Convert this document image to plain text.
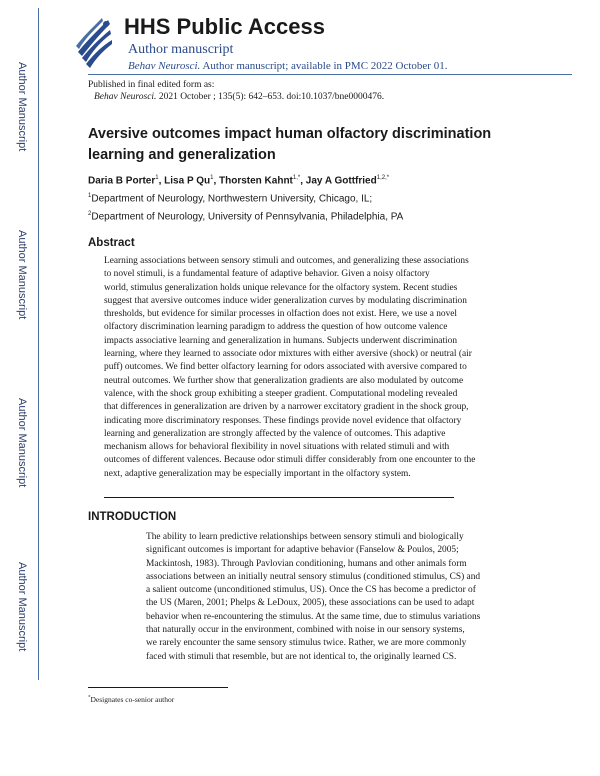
Author Manuscript
Author Manuscript
Author Manuscript
Author Manuscript
HHS Public Access
Author manuscript
Behav Neurosci. Author manuscript; available in PMC 2022 October 01.
Published in final edited form as:
Behav Neurosci. 2021 October ; 135(5): 642–653. doi:10.1037/bne0000476.
Aversive outcomes impact human olfactory discrimination learning and generalization
Daria B Porter$^1$, Lisa P Qu$^1$, Thorsten Kahnt$^{1,*}$, Jay A Gottfried$^{1,2,*}$
$^1$Department of Neurology, Northwestern University, Chicago, IL;
$^2$Department of Neurology, University of Pennsylvania, Philadelphia, PA
Abstract
Learning associations between sensory stimuli and outcomes, and generalizing these associations
to novel stimuli, is a fundamental feature of adaptive behavior. Given a noisy olfactory
world, stimulus generalization holds unique relevance for the olfactory system. Recent studies
suggest that aversive outcomes induce wider generalization curves by modulating discrimination
thresholds, but evidence for similar processes in olfaction does not exist. Here, we use a novel
olfactory discrimination learning paradigm to address the question of how outcome valence
impacts associative learning and generalization in humans. Subjects underwent discrimination
learning, where they learned to associate odor mixtures with either aversive (shock) or neutral (air
puff) outcomes. We find better olfactory learning for odors associated with aversive compared to
neutral outcomes. We further show that generalization gradients are also modulated by outcome
valence, with the shock group exhibiting a steeper gradient. Computational modeling revealed
that differences in generalization are driven by a narrower excitatory gradient in the shock group,
indicating more discriminatory responses. These findings provide novel evidence that olfactory
learning and generalization are strongly affected by the valence of outcomes. This adaptive
mechanism allows for behavioral flexibility in novel situations with related stimuli and with
outcomes of different valences. Because odor stimuli differ considerably from one encounter to the
next, adaptive generalization may be especially important in the olfactory system.
INTRODUCTION
The ability to learn predictive relationships between sensory stimuli and biologically
significant outcomes is important for adaptive behavior (Fanselow & Poulos, 2005;
Mackintosh, 1983). Through Pavlovian conditioning, humans and other animals form
associations between an initially neutral sensory stimulus (conditioned stimulus, CS) and
a salient outcome (unconditioned stimulus, US). Once the CS has become a predictor of
the US (Maren, 2001; Phelps & LeDoux, 2005), these associations can be used to adapt
behavior when re-encountering the stimulus. At the same time, due to stimulus variations
that naturally occur in the environment, combined with noise in our sensory systems,
we rarely encounter the same sensory stimulus twice. Rather, we are more commonly
faced with stimuli that resemble, but are not identical to, the originally learned CS.
*Designates co-senior author
